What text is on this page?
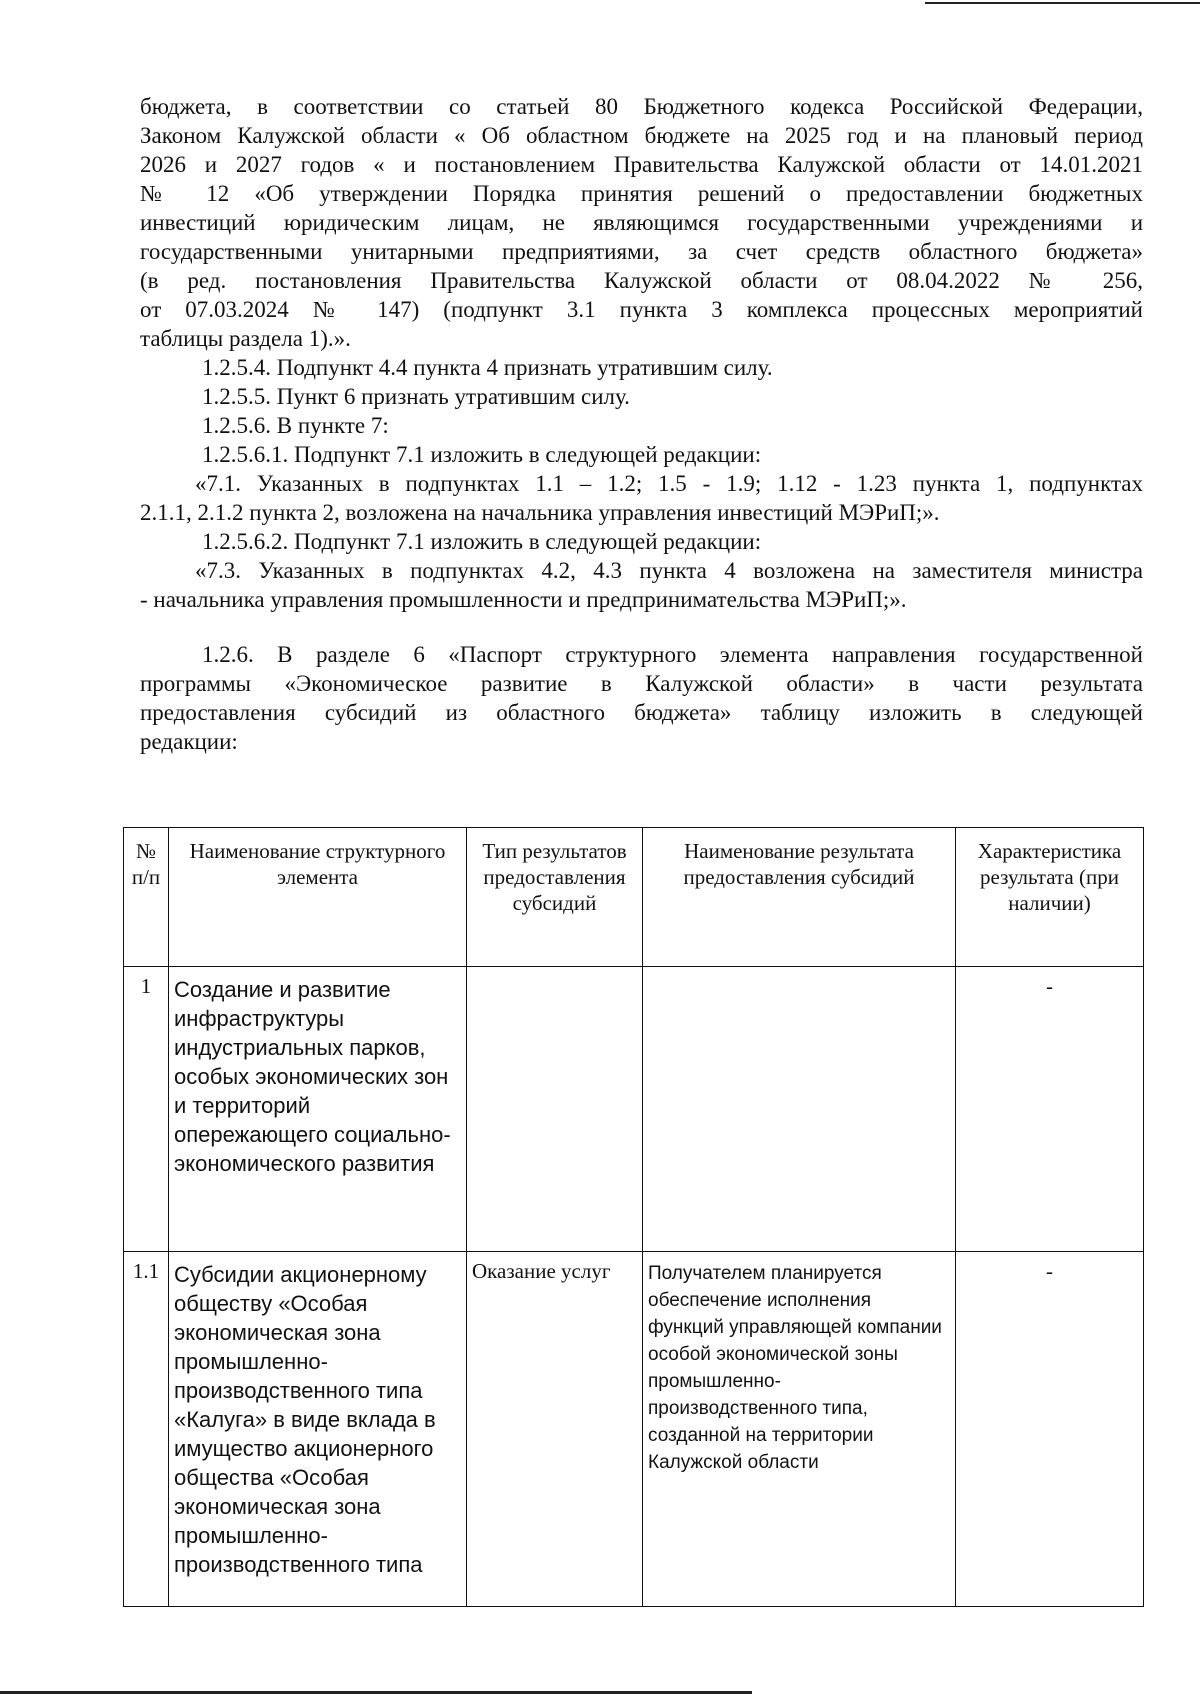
бюджета, в соответствии со статьей 80 Бюджетного кодекса Российской Федерации,

Законом Калужской области « Об областном бюджете на 2025 год и на плановый период

2026 и 2027 годов « и постановлением Правительства Калужской области от 14.01.2021

№ 12 «Об утверждении Порядка принятия решений о предоставлении бюджетных

инвестиций юридическим лицам, не являющимся государственными учреждениями и

государственными унитарными предприятиями, за счет средств областного бюджета»

(в ред. постановления Правительства Калужской области от 08.04.2022 № 256,

от 07.03.2024 № 147) (подпункт 3.1 пункта 3 комплекса процессных мероприятий

таблицы раздела 1).».

1.2.5.4. Подпункт 4.4 пункта 4 признать утратившим силу.

1.2.5.5. Пункт 6 признать утратившим силу.

1.2.5.6. В пункте 7:

1.2.5.6.1. Подпункт 7.1 изложить в следующей редакции:

«7.1. Указанных в подпунктах 1.1 – 1.2; 1.5 - 1.9; 1.12 - 1.23 пункта 1, подпунктах

2.1.1, 2.1.2 пункта 2, возложена на начальника управления инвестиций МЭРиП;».

1.2.5.6.2. Подпункт 7.1 изложить в следующей редакции:

«7.3. Указанных в подпунктах 4.2, 4.3 пункта 4 возложена на заместителя министра

- начальника управления промышленности и предпринимательства МЭРиП;».

1.2.6. В разделе 6 «Паспорт структурного элемента направления государственной

программы «Экономическое развитие в Калужской области» в части результата

предоставления субсидий из областного бюджета» таблицу изложить в следующей

редакции:

№ п/п	Наименование структурного элемента	Тип результатов предоставления субсидий	Наименование результата предоставления субсидий	Характеристика результата (при наличии)
1	Создание и развитие инфраструктуры индустриальных парков, особых экономических зон и территорий опережающего социально-экономического развития			-
1.1	Субсидии акционерному обществу «Особая экономическая зона промышленно-производственного типа «Калуга» в виде вклада в имущество акционерного общества «Особая экономическая зона промышленно-производственного типа	Оказание услуг	Получателем планируется обеспечение исполнения функций управляющей компании особой экономической зоны промышленно-производственного типа, созданной на территории Калужской области	-
